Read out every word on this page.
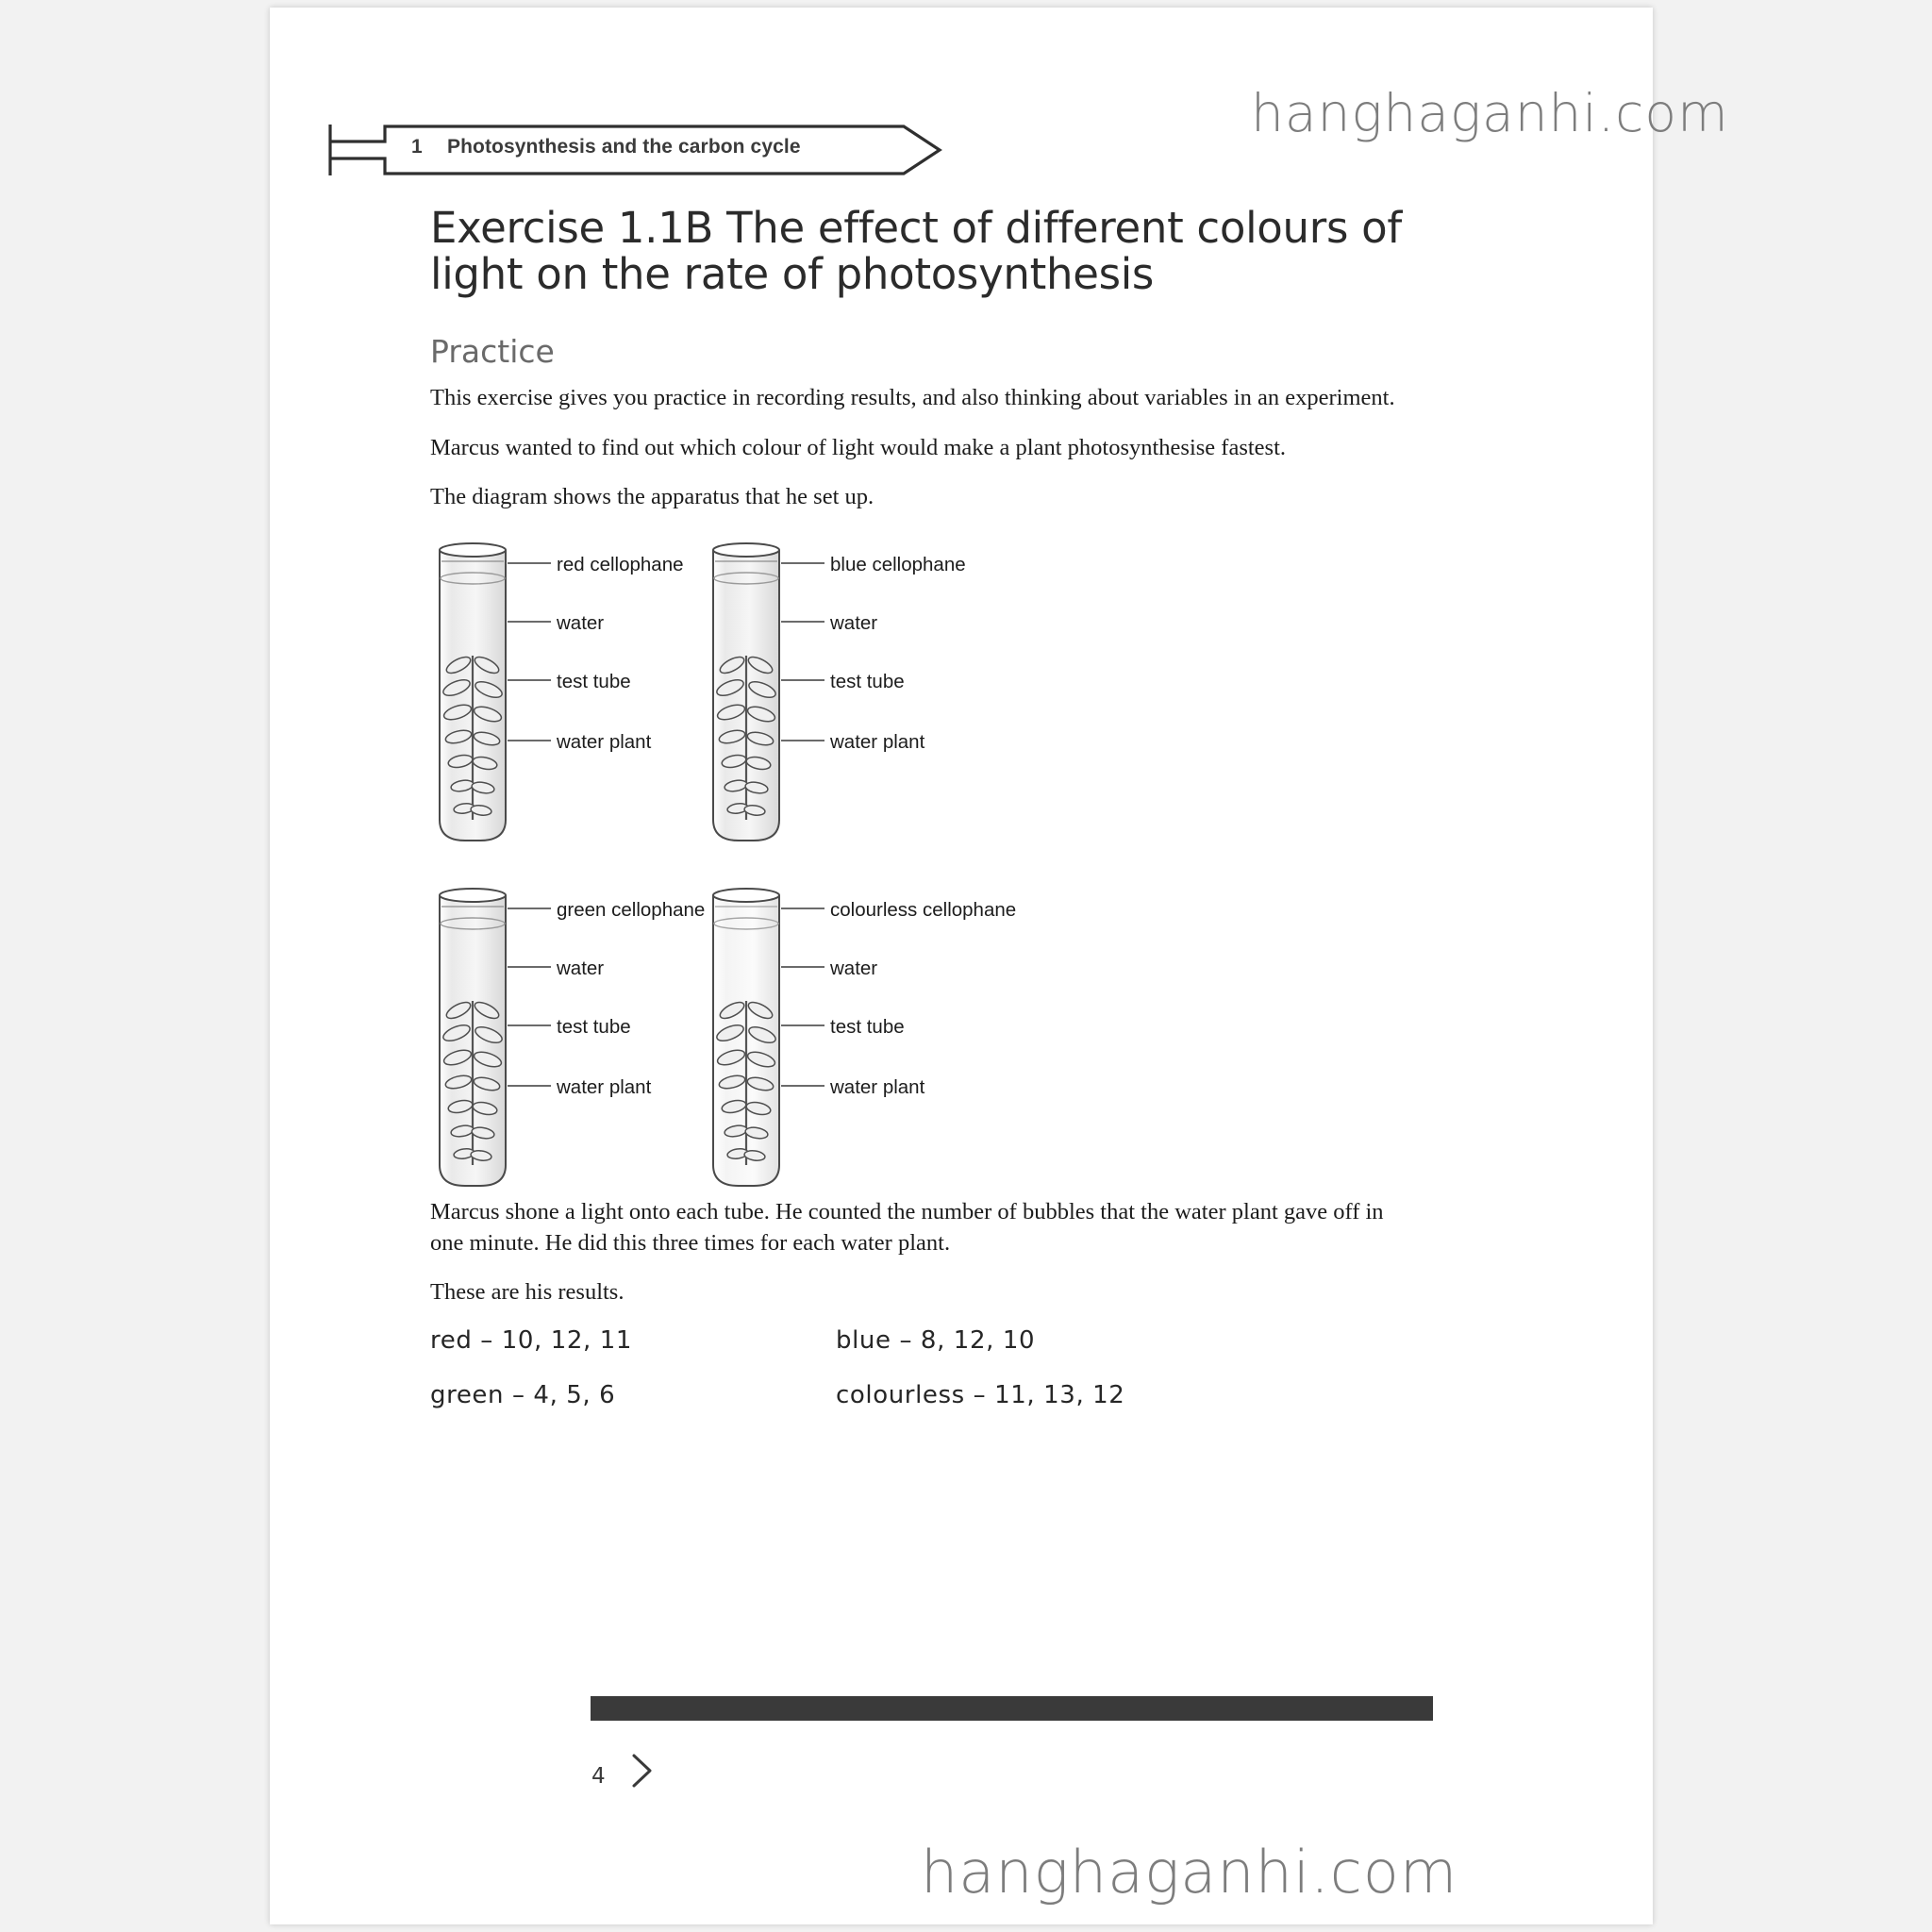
1 Photosynthesis and the carbon cycle
hanghaganhi.com
Exercise 1.1B The effect of different colours of light on the rate of photosynthesis
Practice

This exercise gives you practice in recording results, and also thinking about variables in an experiment.

Marcus wanted to find out which colour of light would make a plant photosynthesise fastest.

The diagram shows the apparatus that he set up.

red cellophane
water
test tube
water plant
blue cellophane
water
test tube
water plant
green cellophane
water
test tube
water plant
colourless cellophane
water
test tube
water plant

Marcus shone a light onto each tube. He counted the number of bubbles that the water plant gave off in one minute. He did this three times for each water plant.

These are his results.

red – 10, 12, 11	blue – 8, 12, 10
green – 4, 5, 6	colourless – 11, 13, 12
4
hanghaganhi.com
